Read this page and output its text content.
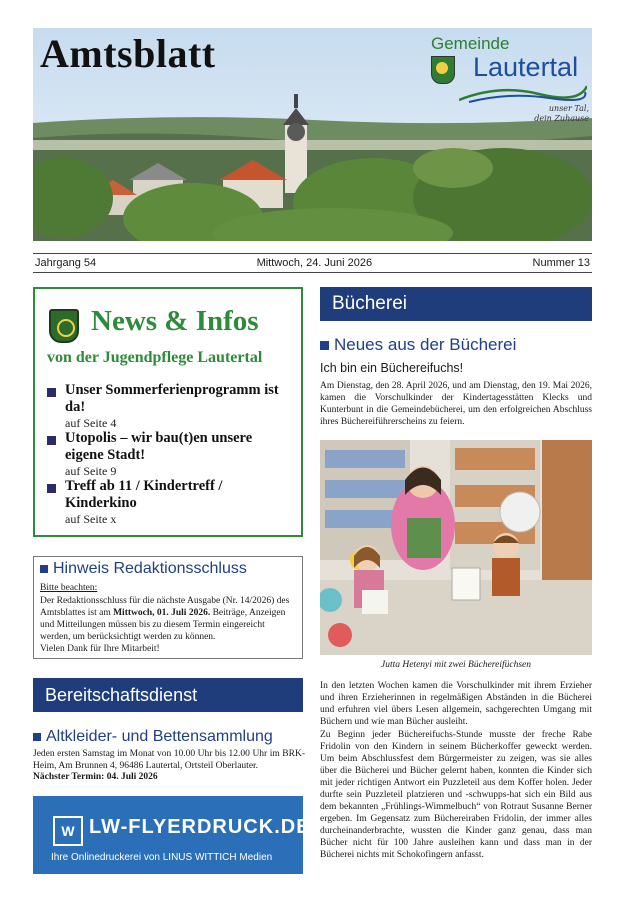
Amtsblatt	Gemeinde
Lautertal
unser Tal,
dein Zuhause
Jahrgang 54	Mittwoch, 24. Juni 2026	Nummer 13
News & Infos
von der Jugendpflege Lautertal
Unser Sommerferienprogramm ist da!
auf Seite 4
Utopolis – wir bau(t)en unsere eigene Stadt!
auf Seite 9
Treff ab 11 / Kindertreff / Kinderkino
auf Seite x
Hinweis Redaktionsschluss
Bitte beachten:
Der Redaktionsschluss für die nächste Ausgabe (Nr. 14/2026) des Amtsblattes ist am Mittwoch, 01. Juli 2026. Beiträge, Anzeigen und Mitteilungen müssen bis zu diesem Termin eingereicht werden, um berücksichtigt werden zu können.
Vielen Dank für Ihre Mitarbeit!
Bereitschaftsdienst
Altkleider- und Bettensammlung
Jeden ersten Samstag im Monat von 10.00 Uhr bis 12.00 Uhr im BRK-Heim, Am Brunnen 4, 96486 Lautertal, Ortsteil Oberlauter.
Nächster Termin: 04. Juli 2026
W LW-FLYERDRUCK.DE
Ihre Onlinedruckerei von LINUS WITTICH Medien
Bücherei
Neues aus der Bücherei
Ich bin ein Büchereifuchs!
Am Dienstag, den 28. April 2026, und am Dienstag, den 19. Mai 2026, kamen die Vorschulkinder der Kindertagesstätten Klecks und Kunterbunt in die Gemeindebücherei, um den erfolgreichen Abschluss ihres Büchereiführerscheins zu feiern.
Jutta Hetenyi mit zwei Büchereifüchsen

In den letzten Wochen kamen die Vorschulkinder mit ihrem Erzieher und ihren Erzieherinnen in regelmäßigen Abständen in die Bücherei und erfuhren viel übers Lesen allgemein, sachgerechten Umgang mit Büchern und wie man Bücher ausleiht.

Zu Beginn jeder Büchereifuchs-Stunde musste der freche Rabe Fridolin von den Kindern in seinem Bücherkoffer geweckt werden. Um beim Abschlussfest dem Bürgermeister zu zeigen, was sie alles über die Bücherei und Bücher gelernt haben, konnten die Kinder sich mit jeder richtigen Antwort ein Puzzleteil aus dem Koffer holen. Jeder durfte sein Puzzleteil platzieren und -schwupps-hat sich ein Bild aus dem bekannten „Frühlings-Wimmelbuch“ von Rotraut Susanne Berner ergeben. Im Gegensatz zum Büchereiraben Fridolin, der immer alles durcheinanderbrachte, wussten die Kinder ganz genau, dass man Bücher nicht für 100 Jahre ausleihen kann und dass man in der Bücherei nichts mit Schokofingern anfasst.
